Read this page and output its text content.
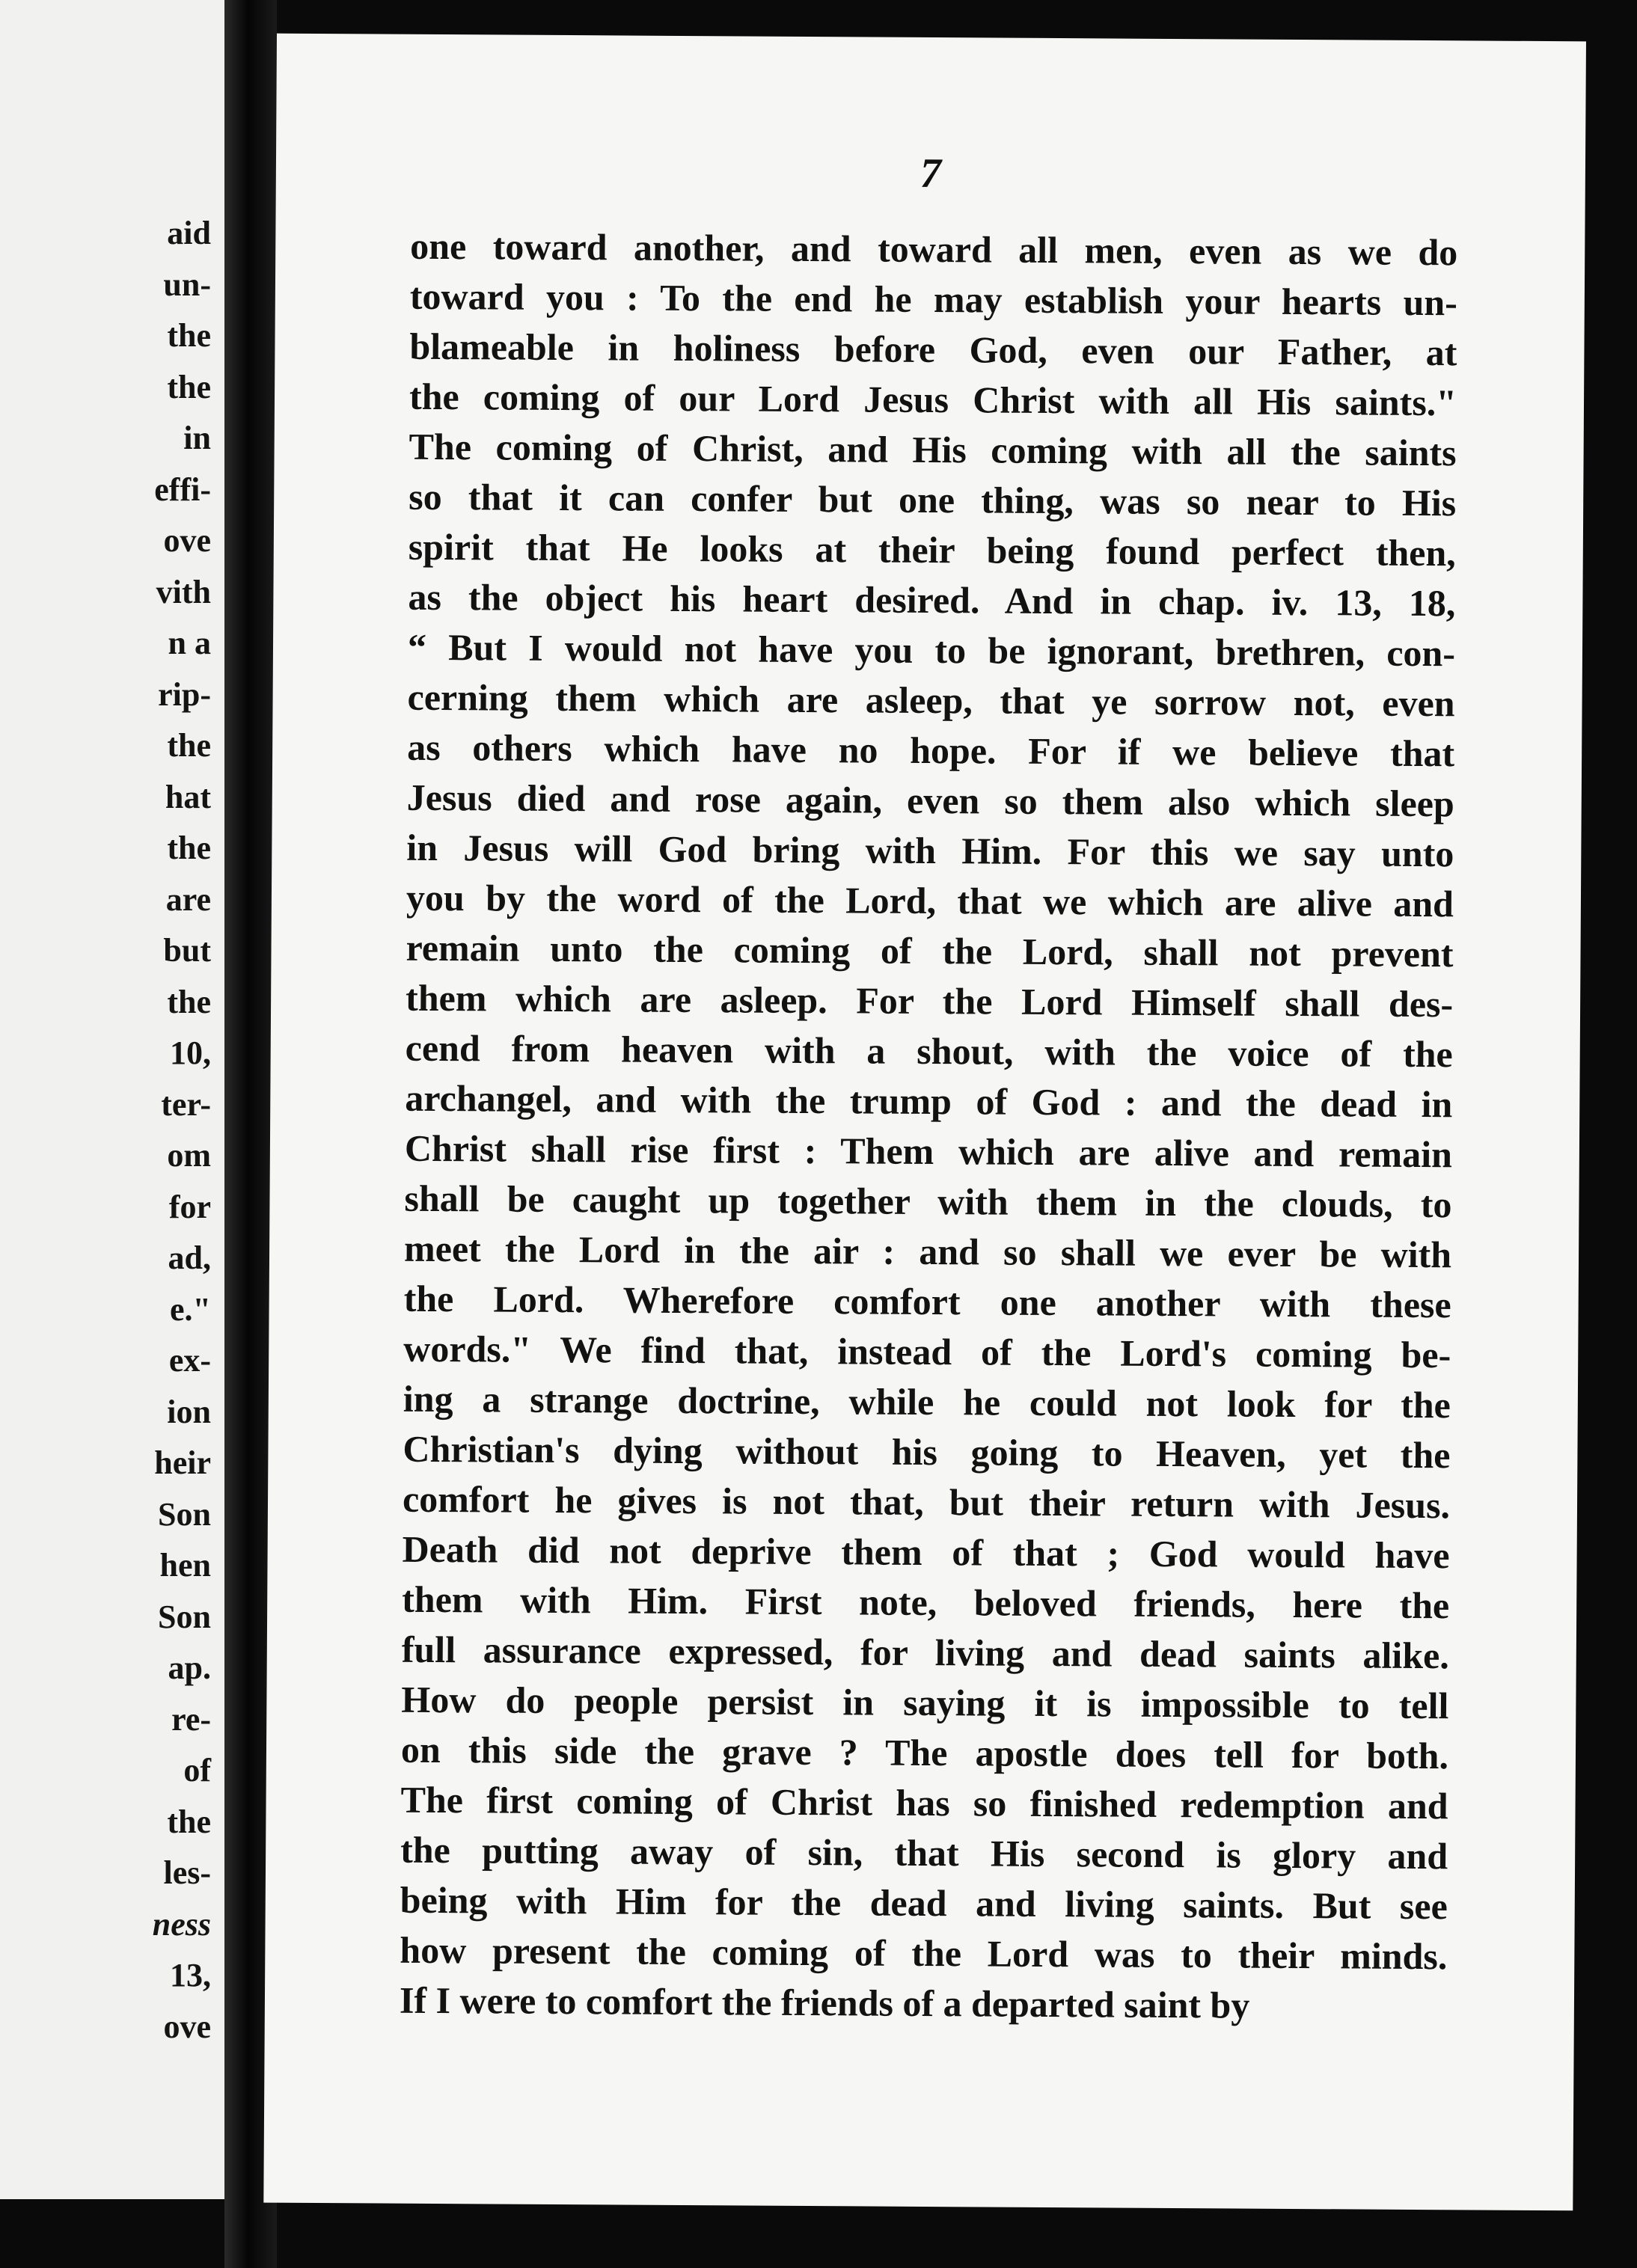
aid
un-
the
the
in
effi-
ove
vith
n a
rip-
the
hat
the
are
but
the
10,
ter-
om
for
ad,
e."
ex-
ion
heir
Son
hen
Son
ap.
re-
of
the
les-
ness
13,
ove
7
one toward another, and toward all men, even as we do
toward you : To the end he may establish your hearts un-
blameable in holiness before God, even our Father, at
the coming of our Lord Jesus Christ with all His saints."
The coming of Christ, and His coming with all the saints
so that it can confer but one thing, was so near to His
spirit that He looks at their being found perfect then,
as the object his heart desired. And in chap. iv. 13, 18,
“ But I would not have you to be ignorant, brethren, con-
cerning them which are asleep, that ye sorrow not, even
as others which have no hope. For if we believe that
Jesus died and rose again, even so them also which sleep
in Jesus will God bring with Him. For this we say unto
you by the word of the Lord, that we which are alive and
remain unto the coming of the Lord, shall not prevent
them which are asleep. For the Lord Himself shall des-
cend from heaven with a shout, with the voice of the
archangel, and with the trump of God : and the dead in
Christ shall rise first : Them which are alive and remain
shall be caught up together with them in the clouds, to
meet the Lord in the air : and so shall we ever be with
the Lord. Wherefore comfort one another with these
words." We find that, instead of the Lord's coming be-
ing a strange doctrine, while he could not look for the
Christian's dying without his going to Heaven, yet the
comfort he gives is not that, but their return with Jesus.
Death did not deprive them of that ; God would have
them with Him. First note, beloved friends, here the
full assurance expressed, for living and dead saints alike.
How do people persist in saying it is impossible to tell
on this side the grave ? The apostle does tell for both.
The first coming of Christ has so finished redemption and
the putting away of sin, that His second is glory and
being with Him for the dead and living saints. But see
how present the coming of the Lord was to their minds.
If I were to comfort the friends of a departed saint by
